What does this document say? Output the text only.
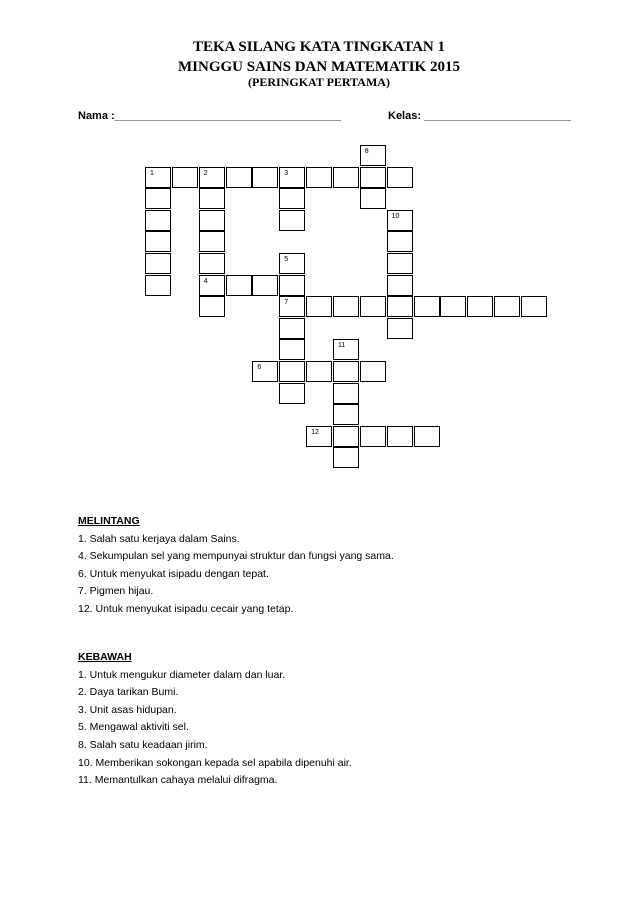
TEKA SILANG KATA TINGKATAN 1
MINGGU SAINS DAN MATEMATIK 2015
(PERINGKAT PERTAMA)
Nama :_____________________________________	Kelas: ________________________
8
1	2	3
10
5
4
7
11
6
12
MELINTANG
1. Salah satu kerjaya dalam Sains.
4. Sekumpulan sel yang mempunyai struktur dan fungsi yang sama.
6. Untuk menyukat isipadu dengan tepat.
7. Pigmen hijau.
12. Untuk menyukat isipadu cecair yang tetap.
KEBAWAH
1. Untuk mengukur diameter dalam dan luar.
2. Daya tarikan Bumi.
3. Unit asas hidupan.
5. Mengawal aktiviti sel.
8. Salah satu keadaan jirim.
10. Memberikan sokongan kepada sel apabila dipenuhi air.
11. Memantulkan cahaya melalui difragma.
